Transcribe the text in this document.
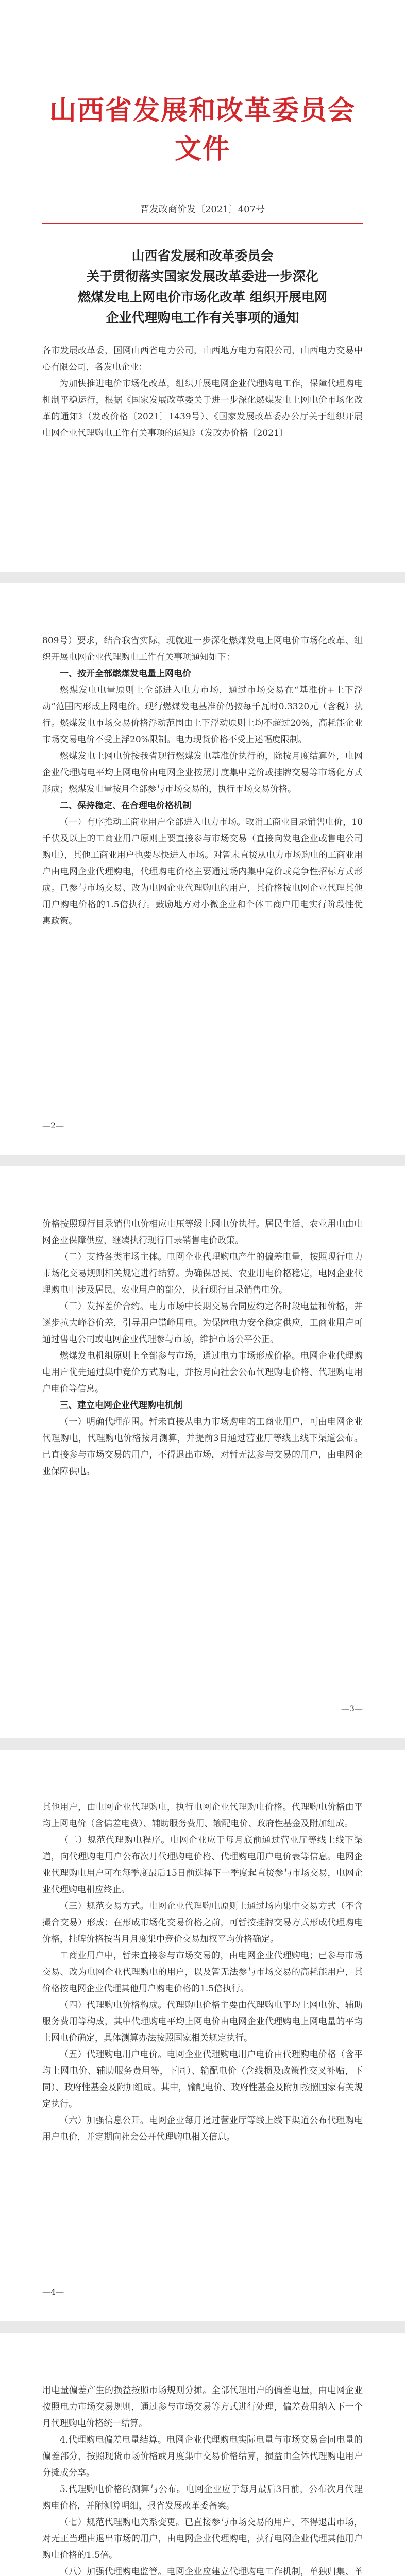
山西省发展和改革委员会文件
晋发改商价发〔2021〕407号
山西省发展和改革委员会
关于贯彻落实国家发展改革委进一步深化
燃煤发电上网电价市场化改革 组织开展电网
企业代理购电工作有关事项的通知

各市发展改革委，国网山西省电力公司，山西地方电力有限公司，山西电力交易中心有限公司，各发电企业：

为加快推进电价市场化改革，组织开展电网企业代理购电工作，保障代理购电机制平稳运行，根据《国家发展改革委关于进一步深化燃煤发电上网电价市场化改革的通知》（发改价格〔2021〕1439号）、《国家发展改革委办公厅关于组织开展电网企业代理购电工作有关事项的通知》（发改办价格〔2021〕

809号）要求，结合我省实际，现就进一步深化燃煤发电上网电价市场化改革、组织开展电网企业代理购电工作有关事项通知如下：

一、按开全部燃煤发电量上网电价

燃煤发电电量原则上全部进入电力市场，通过市场交易在“基准价+上下浮动”范围内形成上网电价。现行燃煤发电基准价仍按每千瓦时0.3320元（含税）执行。燃煤发电市场交易价格浮动范围由上下浮动原则上均不超过20%，高耗能企业市场交易电价不受上浮20%限制。电力现货价格不受上述幅度限制。

燃煤发电上网电价按我省现行燃煤发电基准价执行的，除按月度结算外，电网企业代理购电平均上网电价由电网企业按照月度集中竞价或挂牌交易等市场化方式形成；燃煤发电量按月全部参与市场交易的，执行市场交易价格。

二、保持稳定、在合理电价格机制

（一）有序推动工商业用户全部进入电力市场。取消工商业目录销售电价，10千伏及以上的工商业用户原则上要直接参与市场交易（直接向发电企业或售电公司购电），其他工商业用户也要尽快进入市场。对暂未直接从电力市场购电的工商业用户由电网企业代理购电，代理购电价格主要通过场内集中竞价或竞争性招标方式形成。已参与市场交易、改为电网企业代理购电的用户，其价格按电网企业代理其他用户购电价格的1.5倍执行。鼓励地方对小微企业和个体工商户用电实行阶段性优惠政策。

—2—

价格按照现行目录销售电价相应电压等级上网电价执行。居民生活、农业用电由电网企业保障供应，继续执行现行目录销售电价政策。

（二）支持各类市场主体。电网企业代理购电产生的偏差电量，按照现行电力市场化交易规则相关规定进行结算。为确保居民、农业用电价格稳定，电网企业代理购电中涉及居民、农业用户的部分，执行现行目录销售电价。

（三）发挥差价合约。电力市场中长期交易合同应约定各时段电量和价格，并逐步拉大峰谷价差，引导用户错峰用电。为保障电力安全稳定供应，工商业用户可通过售电公司或电网企业代理参与市场，维护市场公平公正。

燃煤发电机组原则上全部参与市场，通过电力市场形成价格。电网企业代理购电用户优先通过集中竞价方式购电，并按月向社会公布代理购电价格、代理购电用户电价等信息。

三、建立电网企业代理购电机制

（一）明确代理范围。暂未直接从电力市场购电的工商业用户，可由电网企业代理购电，代理购电价格按月测算，并提前3日通过营业厅等线上线下渠道公布。已直接参与市场交易的用户，不得退出市场，对暂无法参与交易的用户，由电网企业保障供电。

—3—

其他用户，由电网企业代理购电，执行电网企业代理购电价格。代理购电价格由平均上网电价（含偏差电费）、辅助服务费用、输配电价、政府性基金及附加组成。

（二）规范代理购电程序。电网企业应于每月底前通过营业厅等线上线下渠道，向代理购电用户公布次月代理购电价格、代理购电用户电价表等信息。电网企业代理购电用户可在每季度最后15日前选择下一季度起直接参与市场交易，电网企业代理购电相应终止。

（三）规范交易方式。电网企业代理购电原则上通过场内集中交易方式（不含撮合交易）形成；在形成市场化交易价格之前，可暂按挂牌交易方式形成代理购电价格，挂牌价格按当月月度集中竞价交易加权平均价格确定。

工商业用户中，暂未直接参与市场交易的，由电网企业代理购电；已参与市场交易、改为电网企业代理购电的用户，以及暂无法参与市场交易的高耗能用户，其价格按电网企业代理其他用户购电价格的1.5倍执行。

（四）代理购电价格构成。代理购电价格主要由代理购电平均上网电价、辅助服务费用等构成，其中代理购电平均上网电价由电网企业代理购电上网电量的平均上网电价确定，具体测算办法按照国家相关规定执行。

（五）代理购电用户电价。电网企业代理购电用户电价由代理购电价格（含平均上网电价、辅助服务费用等，下同）、输配电价（含线损及政策性交叉补贴，下同）、政府性基金及附加组成。其中，输配电价、政府性基金及附加按照国家有关规定执行。

（六）加强信息公开。电网企业每月通过营业厅等线上线下渠道公布代理购电用户电价，并定期向社会公开代理购电相关信息。

—4—

用电量偏差产生的损益按照市场规则分摊。全部代理用户的偏差电量，由电网企业按照电力市场交易规则，通过参与市场交易等方式进行处理，偏差费用纳入下一个月代理购电价格统一结算。

4.代理购电偏差电量结算。电网企业代理购电实际电量与市场交易合同电量的偏差部分，按照现货市场价格或月度集中交易价格结算，损益由全体代理购电用户分摊或分享。

5.代理购电价格的测算与公布。电网企业应于每月最后3日前，公布次月代理购电价格，并附测算明细，报省发展改革委备案。

（七）规范代理购电关系变更。已直接参与市场交易的用户，不得退出市场，对无正当理由退出市场的用户，由电网企业代理购电，执行电网企业代理其他用户购电价格的1.5倍。

（八）加强代理购电监管。电网企业应建立代理购电工作机制，单独归集、单
